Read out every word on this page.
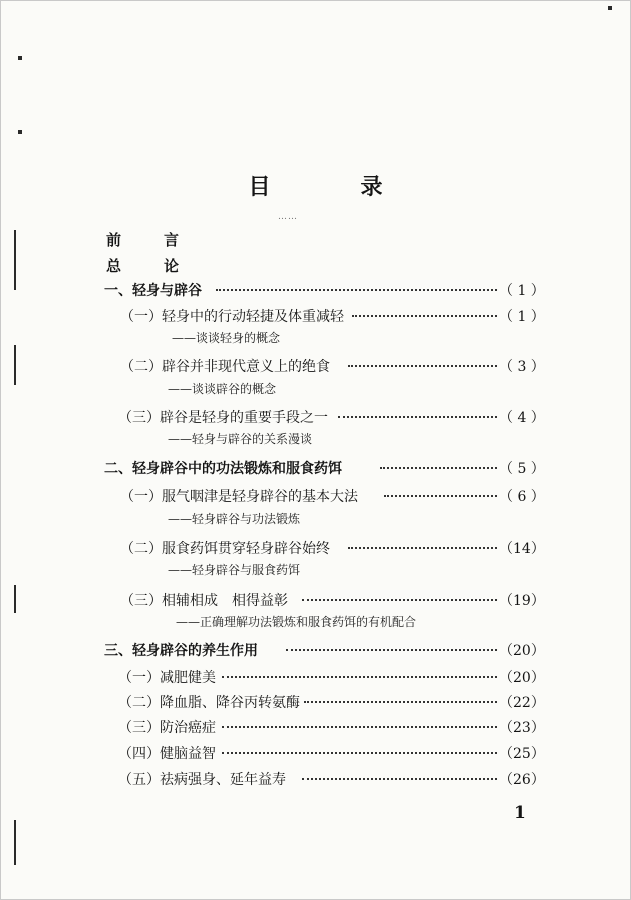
目　录
……
前　言
总　论
一、轻身与辟谷	（ 1 ）
（一）轻身中的行动轻捷及体重减轻	（ 1 ）
——谈谈轻身的概念
（二）辟谷并非现代意义上的绝食	（ 3 ）
——谈谈辟谷的概念
（三）辟谷是轻身的重要手段之一	（ 4 ）
——轻身与辟谷的关系漫谈
二、轻身辟谷中的功法锻炼和服食药饵	（ 5 ）
（一）服气咽津是轻身辟谷的基本大法	（ 6 ）
——轻身辟谷与功法锻炼
（二）服食药饵贯穿轻身辟谷始终	（14）
——轻身辟谷与服食药饵
（三）相辅相成　相得益彰	（19）
——正确理解功法锻炼和服食药饵的有机配合
三、轻身辟谷的养生作用	（20）
（一）减肥健美	（20）
（二）降血脂、降谷丙转氨酶	（22）
（三）防治癌症	（23）
（四）健脑益智	（25）
（五）祛病强身、延年益寿	（26）
1
